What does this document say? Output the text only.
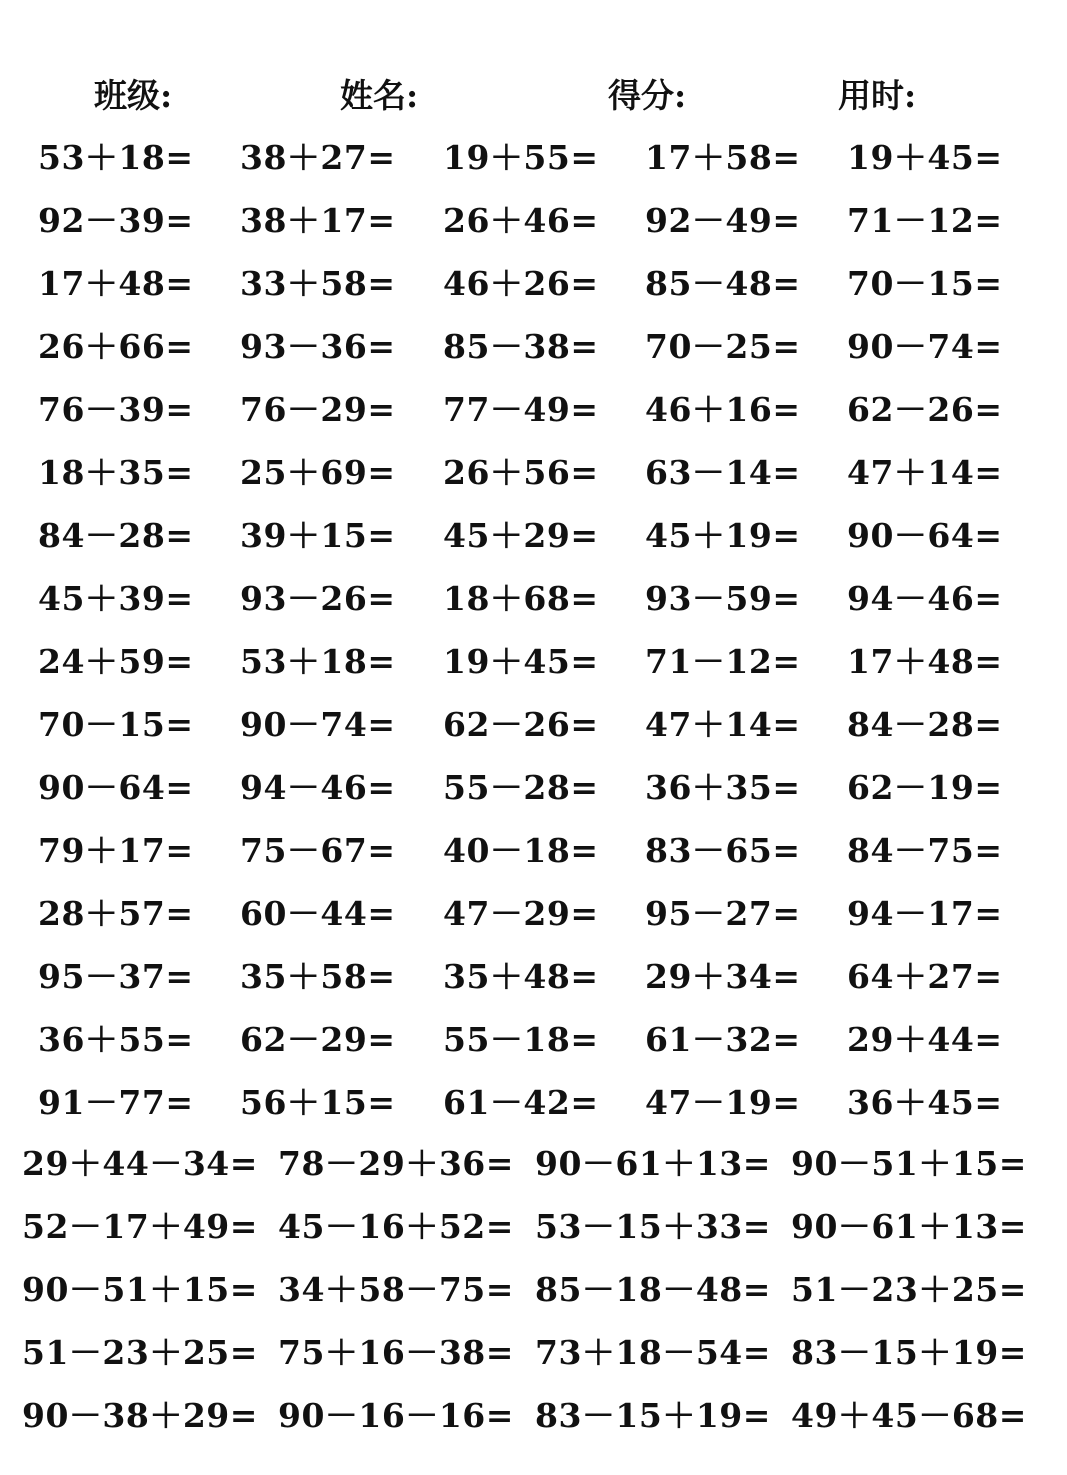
班级:	姓名:	得分:	用时:
53＋18= 38＋27= 19＋55= 17＋58= 19＋45=
92－39= 38＋17= 26＋46= 92－49= 71－12=
17＋48= 33＋58= 46＋26= 85－48= 70－15=
26＋66= 93－36= 85－38= 70－25= 90－74=
76－39= 76－29= 77－49= 46＋16= 62－26=
18＋35= 25＋69= 26＋56= 63－14= 47＋14=
84－28= 39＋15= 45＋29= 45＋19= 90－64=
45＋39= 93－26= 18＋68= 93－59= 94－46=
24＋59= 53＋18= 19＋45= 71－12= 17＋48=
70－15= 90－74= 62－26= 47＋14= 84－28=
90－64= 94－46= 55－28= 36＋35= 62－19=
79＋17= 75－67= 40－18= 83－65= 84－75=
28＋57= 60－44= 47－29= 95－27= 94－17=
95－37= 35＋58= 35＋48= 29＋34= 64＋27=
36＋55= 62－29= 55－18= 61－32= 29＋44=
91－77= 56＋15= 61－42= 47－19= 36＋45=
29＋44－34= 78－29＋36= 90－61＋13= 90－51＋15=
52－17＋49= 45－16＋52= 53－15＋33= 90－61＋13=
90－51＋15= 34＋58－75= 85－18－48= 51－23＋25=
51－23＋25= 75＋16－38= 73＋18－54= 83－15＋19=
90－38＋29= 90－16－16= 83－15＋19= 49＋45－68=
